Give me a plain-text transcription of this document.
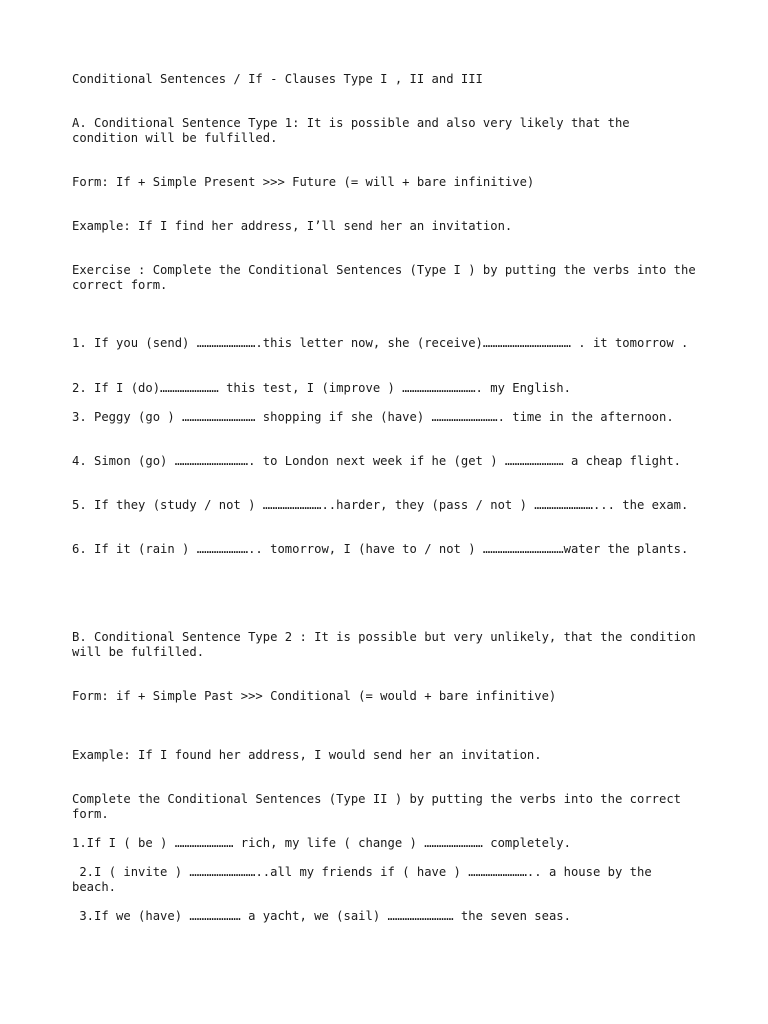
Conditional Sentences / If - Clauses Type I , II and III

A. Conditional Sentence Type 1: It is possible and also very likely that the condition will be fulfilled.

Form: If + Simple Present >>> Future (= will + bare infinitive)

Example: If I find her address, I’ll send her an invitation.

Exercise : Complete the Conditional Sentences (Type I ) by putting the verbs into the correct form.

1. If you (send) …………………….this letter now, she (receive)……………………………… . it tomorrow .

2. If I (do)…………………… this test, I (improve ) …………………………. my English.

3. Peggy (go ) ………………………… shopping if she (have) ………………………. time in the afternoon.

4. Simon (go) …………………………. to London next week if he (get ) …………………… a cheap flight.

5. If they (study / not ) ……………………..harder, they (pass / not ) ……………………... the exam.

6. If it (rain ) ………………….. tomorrow, I (have to / not ) ……………………………water the plants.

B. Conditional Sentence Type 2 : It is possible but very unlikely, that the condition will be fulfilled.

Form: if + Simple Past >>> Conditional (= would + bare infinitive)

Example: If I found her address, I would send her an invitation.

Complete the Conditional Sentences (Type II ) by putting the verbs into the correct form.

1.If I ( be ) …………………… rich, my life ( change ) …………………… completely.

2.I ( invite ) ………………………..all my friends if ( have ) …………………….. a house by the beach.

3.If we (have) ………………… a yacht, we (sail) ……………………… the seven seas.
